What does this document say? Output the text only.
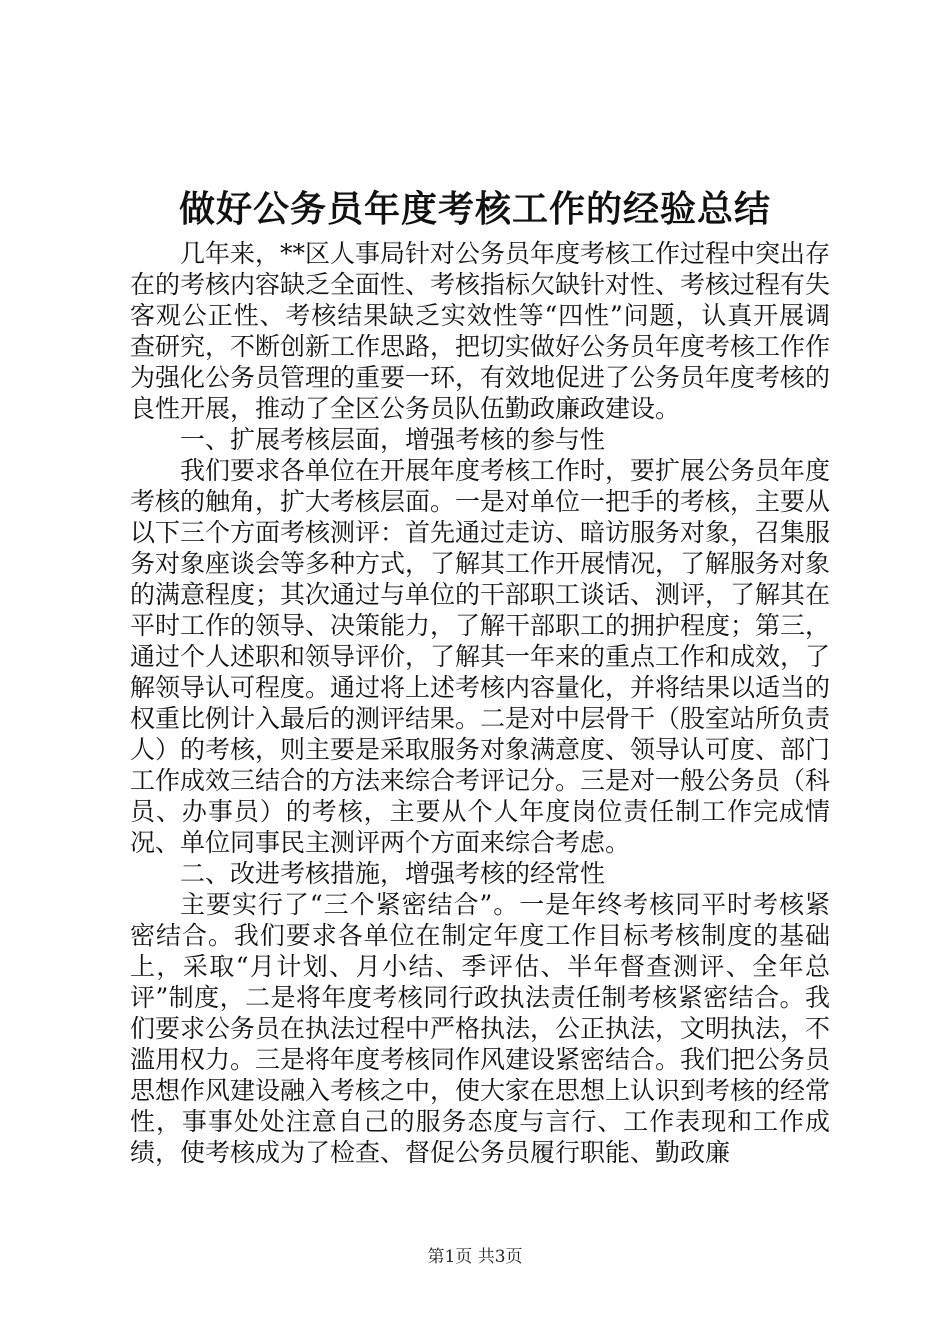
做好公务员年度考核工作的经验总结

几年来，**区人事局针对公务员年度考核工作过程中突出存在的考核内容缺乏全面性、考核指标欠缺针对性、考核过程有失客观公正性、考核结果缺乏实效性等“四性”问题，认真开展调查研究，不断创新工作思路，把切实做好公务员年度考核工作作为强化公务员管理的重要一环，有效地促进了公务员年度考核的良性开展，推动了全区公务员队伍勤政廉政建设。

一、扩展考核层面，增强考核的参与性

我们要求各单位在开展年度考核工作时，要扩展公务员年度考核的触角，扩大考核层面。一是对单位一把手的考核，主要从以下三个方面考核测评：首先通过走访、暗访服务对象，召集服务对象座谈会等多种方式，了解其工作开展情况，了解服务对象的满意程度；其次通过与单位的干部职工谈话、测评，了解其在平时工作的领导、决策能力，了解干部职工的拥护程度；第三，通过个人述职和领导评价，了解其一年来的重点工作和成效，了解领导认可程度。通过将上述考核内容量化，并将结果以适当的权重比例计入最后的测评结果。二是对中层骨干（股室站所负责人）的考核，则主要是采取服务对象满意度、领导认可度、部门工作成效三结合的方法来综合考评记分。三是对一般公务员（科员、办事员）的考核，主要从个人年度岗位责任制工作完成情况、单位同事民主测评两个方面来综合考虑。

二、改进考核措施，增强考核的经常性

主要实行了“三个紧密结合”。一是年终考核同平时考核紧密结合。我们要求各单位在制定年度工作目标考核制度的基础上，采取“月计划、月小结、季评估、半年督查测评、全年总评”制度，二是将年度考核同行政执法责任制考核紧密结合。我们要求公务员在执法过程中严格执法，公正执法，文明执法，不滥用权力。三是将年度考核同作风建设紧密结合。我们把公务员思想作风建设融入考核之中，使大家在思想上认识到考核的经常性，事事处处注意自己的服务态度与言行、工作表现和工作成绩，使考核成为了检查、督促公务员履行职能、勤政廉

第1页 共3页
